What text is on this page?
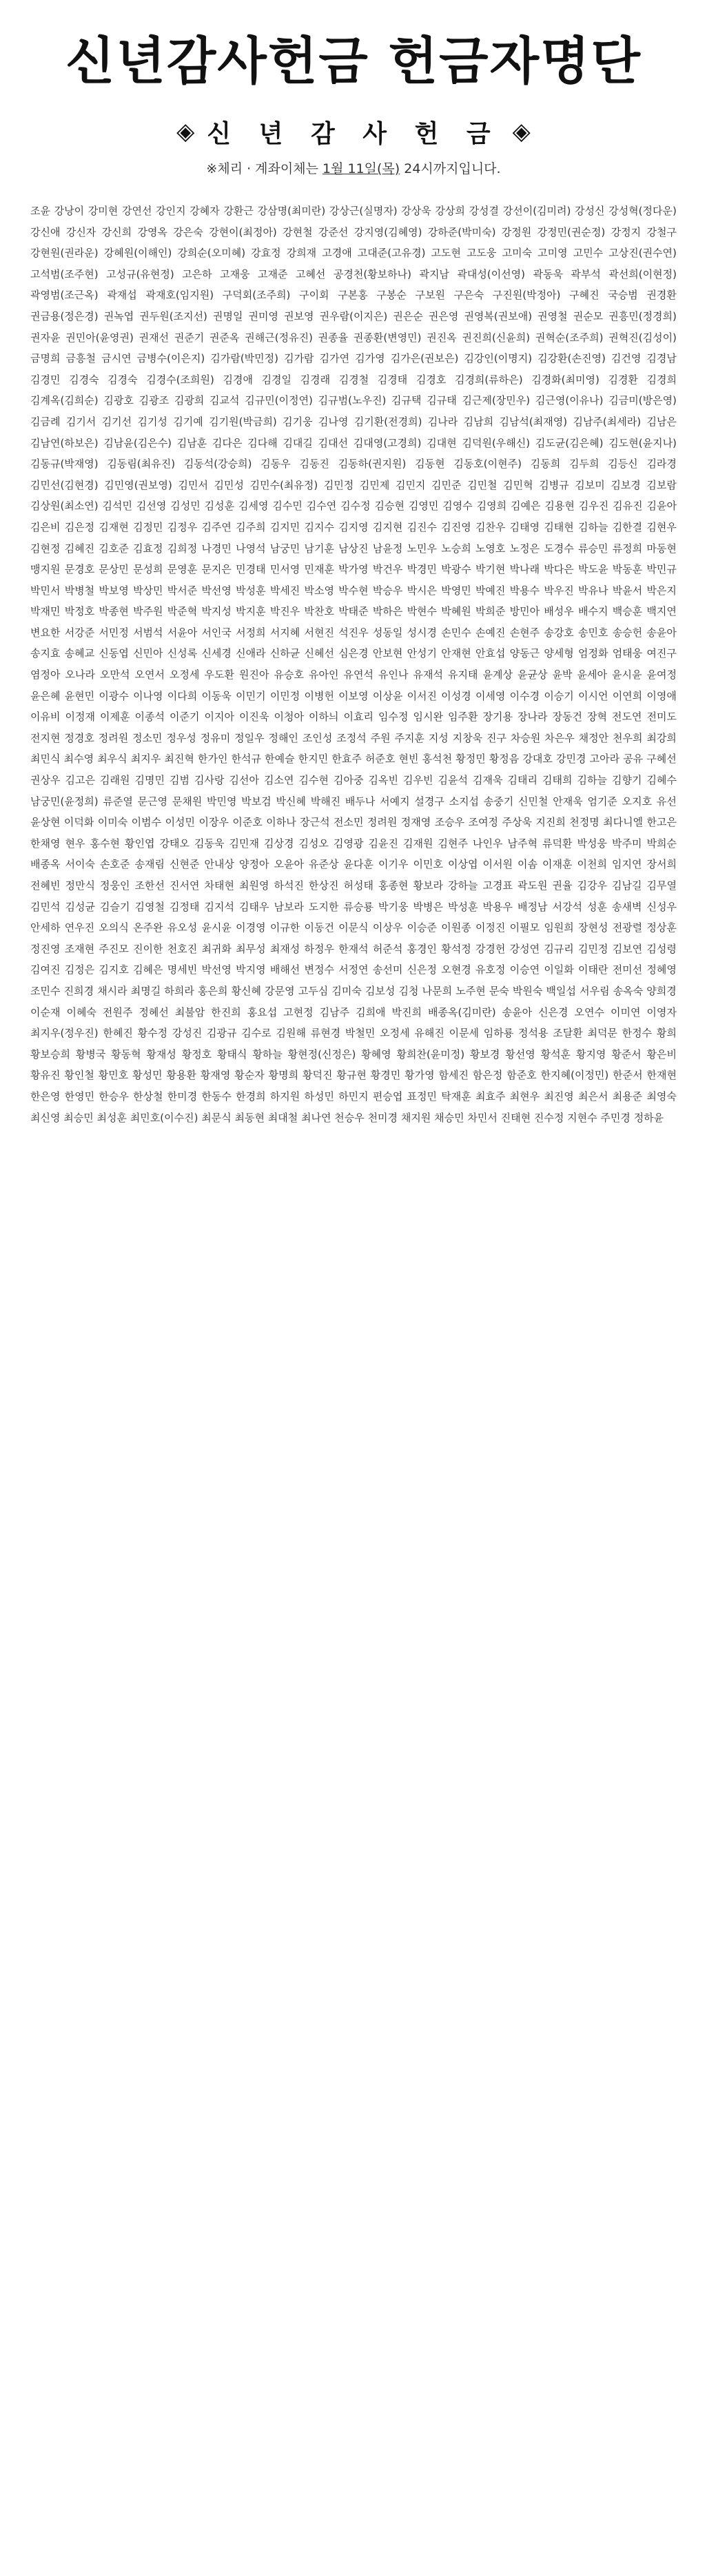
신년감사헌금 헌금자명단
◈ 신 년 감 사 헌 금 ◈
※체리 · 계좌이체는 1월 11일(목) 24시까지입니다.
조윤 강낭이 강미현 강연선 강인지 강혜자 강환근 강삼명(최미란) 강상근(실명자) 강상욱 강상희 강성결 강선이(김미려) 강성신 강성혁(정다운) 강신애 강신자 강신희 강영옥 강은숙 강현이(최정아) 강현철 강준선 강지영(김혜영) 강하준(박미숙) 강정원 강정민(권순정) 강정지 강철구 강현원(권라운) 강혜원(이해인) 강희순(오미혜) 강효정 강희재 고경애 고대준(고유경) 고도현 고도웅 고미숙 고미영 고민수 고상진(권수연) 고석범(조주현) 고성규(유현정) 고은하 고재웅 고재준 고혜선 공경천(황보하나) 곽지남 곽대성(이선영) 곽동욱 곽부석 곽선희(이현정) 곽영범(조근옥) 곽재섭 곽재호(임지원) 구덕회(조주희) 구이회 구본홍 구봉순 구보원 구은숙 구진원(박정아) 구혜진 국승범 권경환 권금용(정은경) 권녹엽 권두원(조지선) 권명일 권미영 권보영 권우람(이지은) 권은순 권은영 권영복(권보애) 권영철 권순모 권흥민(정경희) 권자윤 권민아(윤영권) 권재선 권준기 권준옥 권해근(정유진) 권종율 권종환(변영민) 권진옥 권진희(신윤희) 권혁순(조주희) 권혁진(김성이) 금명희 금흥철 금시연 금병수(이은지) 김가람(박민정) 김가람 김가연 김가영 김가은(권보은) 김강인(이명지) 김강환(손진영) 김건영 김경남 김경민 김경숙 김경숙 김경수(조희원) 김경애 김경일 김경래 김경철 김경태 김경호 김경희(류하은) 김경화(최미영) 김경환 김경희 김계옥(김희순) 김광호 김광조 김광희 김교석 김규민(이정연) 김규범(노우진) 김규택 김규태 김근제(장민우) 김근영(이유나) 김금미(방은영) 김금례 김기서 김기선 김기성 김기예 김기원(박금희) 김기웅 김나영 김기환(전경희) 김나라 김남희 김남석(최재영) 김남주(최세라) 김남은 김남연(하보은) 김남윤(김은수) 김남훈 김다은 김다해 김대길 김대선 김대영(고경희) 김대현 김덕원(우해신) 김도균(김은혜) 김도현(윤지나) 김동규(박재영) 김동림(최유진) 김동석(강승희) 김동우 김동진 김동하(권지원) 김동현 김동호(이현주) 김동희 김두희 김등신 김라경 김민선(김현경) 김민영(권보영) 김민서 김민성 김민수(최유정) 김민정 김민제 김민지 김민준 김민철 김민혁 김병규 김보미 김보경 김보람 김상원(최소연) 김석민 김선영 김성민 김성훈 김세영 김수민 김수연 김수정 김승현 김영민 김영수 김영희 김예은 김용현 김우진 김유진 김윤아 김은비 김은정 김재현 김정민 김정우 김주연 김주희 김지민 김지수 김지영 김지현 김진수 김진영 김찬우 김태영 김태현 김하늘 김한결 김현우 김현정 김혜진 김호준 김효정 김희정 나경민 나영석 남궁민 남기훈 남상진 남윤정 노민우 노승희 노영호 노정은 도경수 류승민 류정희 마동현 맹지원 문경호 문상민 문성희 문영훈 문지은 민경태 민서영 민재훈 박가영 박건우 박경민 박광수 박기현 박나래 박다은 박도윤 박동훈 박민규 박민서 박병철 박보영 박상민 박서준 박선영 박성훈 박세진 박소영 박수현 박승우 박시은 박영민 박예진 박용수 박우진 박유나 박윤서 박은지 박재민 박정호 박종현 박주원 박준혁 박지성 박지훈 박진우 박찬호 박태준 박하은 박현수 박혜원 박희준 방민아 배성우 배수지 백승훈 백지연 변요한 서강준 서민정 서범석 서윤아 서인국 서정희 서지혜 서현진 석진우 성동일 성시경 손민수 손예진 손현주 송강호 송민호 송승헌 송윤아 송지효 송혜교 신동엽 신민아 신성록 신세경 신애라 신하균 신혜선 심은경 안보현 안성기 안재현 안효섭 양동근 양세형 엄정화 엄태웅 여진구 염정아 오나라 오만석 오연서 오정세 우도환 원진아 유승호 유아인 유연석 유인나 유재석 유지태 윤계상 윤균상 윤박 윤세아 윤시윤 윤여정 윤은혜 윤현민 이광수 이나영 이다희 이동욱 이민기 이민정 이병헌 이보영 이상윤 이서진 이성경 이세영 이수경 이승기 이시언 이연희 이영애 이유비 이정재 이제훈 이종석 이준기 이지아 이진욱 이청아 이하늬 이효리 임수정 임시완 임주환 장기용 장나라 장동건 장혁 전도연 전미도 전지현 정경호 정려원 정소민 정우성 정유미 정일우 정해인 조인성 조정석 주원 주지훈 지성 지창욱 진구 차승원 차은우 채정안 천우희 최강희 최민식 최수영 최우식 최지우 최진혁 한가인 한석규 한예슬 한지민 한효주 허준호 현빈 홍석천 황정민 황정음 강대호 강민경 고아라 공유 구혜선 권상우 김고은 김래원 김명민 김범 김사랑 김선아 김소연 김수현 김아중 김옥빈 김우빈 김윤석 김재욱 김태리 김태희 김하늘 김향기 김혜수 남궁민(윤정희) 류준열 문근영 문채원 박민영 박보검 박신혜 박해진 배두나 서예지 설경구 소지섭 송중기 신민철 안재욱 엄기준 오지호 유선 윤상현 이덕화 이미숙 이범수 이성민 이장우 이준호 이하나 장근석 전소민 정려원 정재영 조승우 조여정 주상욱 지진희 천정명 최다니엘 한고은 한채영 현우 홍수현 황인엽 강태오 김동욱 김민재 김상경 김성오 김영광 김윤진 김재원 김현주 나인우 남주혁 류덕환 박성웅 박주미 박희순 배종옥 서이숙 손호준 송재림 신현준 안내상 양정아 오윤아 유준상 윤다훈 이기우 이민호 이상엽 이서원 이솜 이재훈 이천희 임지연 장서희 전혜빈 정만식 정웅인 조한선 진서연 차태현 최원영 하석진 한상진 허성태 홍종현 황보라 강하늘 고경표 곽도원 권율 김강우 김남길 김무열 김민석 김성균 김슬기 김영철 김정태 김지석 김태우 남보라 도지한 류승룡 박기웅 박병은 박성훈 박용우 배정남 서강석 성훈 송새벽 신성우 안세하 연우진 오의식 온주완 유오성 윤시윤 이경영 이규한 이동건 이문식 이상우 이승준 이원종 이정진 이필모 임원희 장현성 전광렬 정상훈 정진영 조재현 주진모 진이한 천호진 최귀화 최무성 최재성 하정우 한재석 허준석 홍경인 황석정 강경헌 강성연 김규리 김민정 김보연 김성령 김여진 김정은 김지호 김혜은 명세빈 박선영 박지영 배해선 변정수 서정연 송선미 신은정 오현경 유호정 이승연 이일화 이태란 전미선 정혜영 조민수 진희경 채시라 최명길 하희라 홍은희 황신혜 강문영 고두심 김미숙 김보성 김청 나문희 노주현 문숙 박원숙 백일섭 서우림 송옥숙 양희경 이순재 이혜숙 전원주 정혜선 최불암 한진희 홍요섭 고현정 김남주 김희애 박진희 배종옥(김미란) 송윤아 신은경 오연수 이미연 이영자 최지우(정우진) 한혜진 황수정 강성진 김광규 김수로 김원해 류현경 박철민 오정세 유해진 이문세 임하룡 정석용 조달환 최덕문 한정수 황희 황보승희 황병국 황동혁 황재성 황정호 황태식 황하늘 황현정(신정은) 황혜영 황희찬(윤미정) 황보경 황선영 황석훈 황지영 황준서 황은비 황유진 황인철 황민호 황성민 황용환 황재영 황순자 황명희 황덕진 황규현 황경민 황가영 함세진 함은정 함준호 한지혜(이정민) 한준서 한재현 한은영 한영민 한승우 한상철 한미경 한동수 한경희 하지원 하성민 하민지 편승엽 표정민 탁재훈 최효주 최현우 최진영 최은서 최용준 최영숙 최신영 최승민 최성훈 최민호(이수진) 최문식 최동현 최대철 최나연 천승우 천미경 채지원 채승민 차민서 진태현 진수정 지현수 주민경 정하윤
